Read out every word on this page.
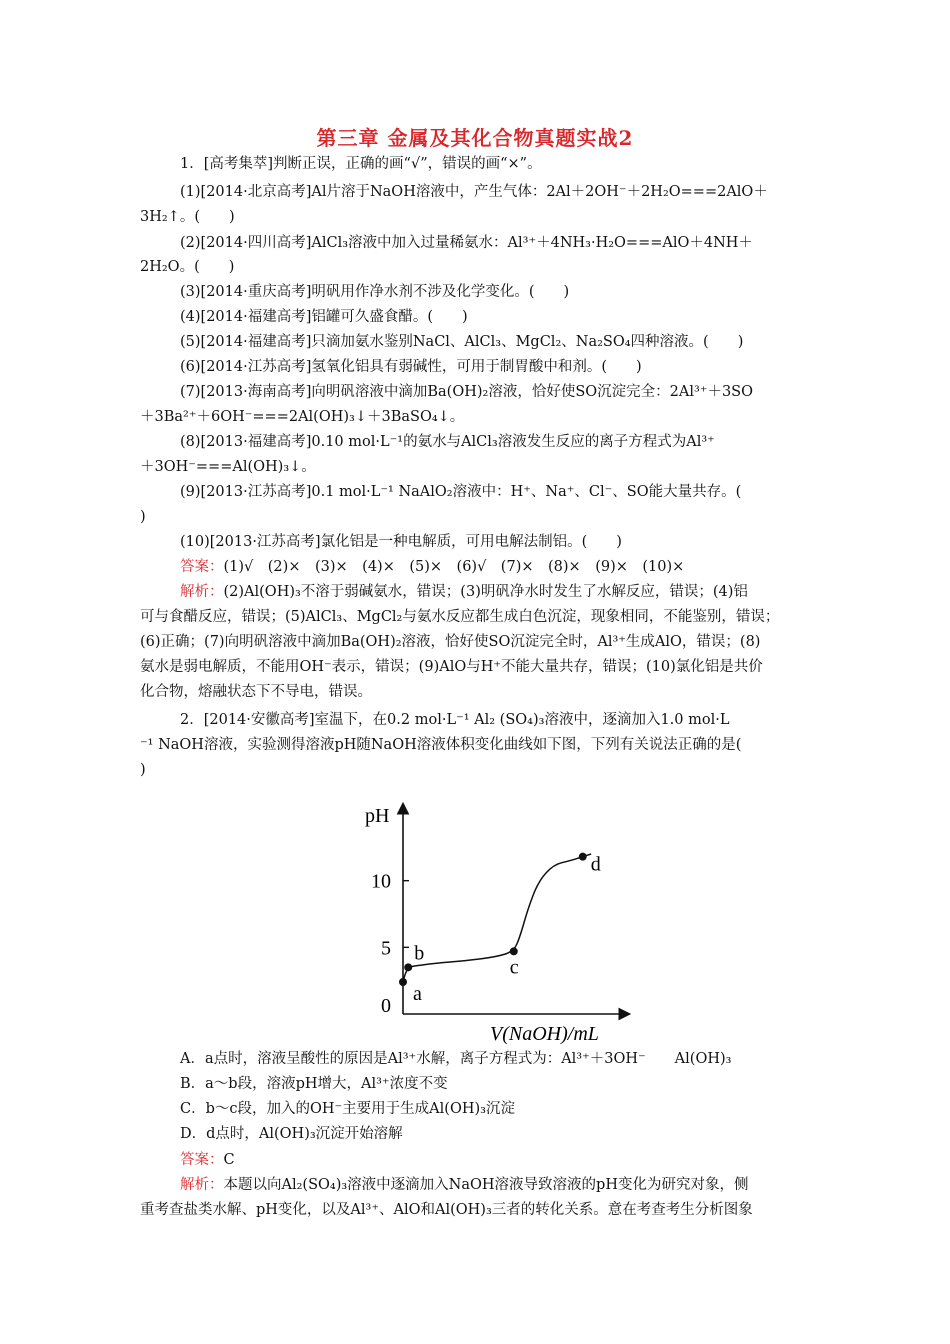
第三章 金属及其化合物真题实战2
1．[高考集萃]判断正误，正确的画“√”，错误的画“×”。
(1)[2014·北京高考]Al片溶于NaOH溶液中，产生气体：2Al＋2OH⁻＋2H₂O===2AlO＋
3H₂↑。(　　)
(2)[2014·四川高考]AlCl₃溶液中加入过量稀氨水：Al³⁺＋4NH₃·H₂O===AlO＋4NH＋
2H₂O。(　　)
(3)[2014·重庆高考]明矾用作净水剂不涉及化学变化。(　　)
(4)[2014·福建高考]铝罐可久盛食醋。(　　)
(5)[2014·福建高考]只滴加氨水鉴别NaCl、AlCl₃、MgCl₂、Na₂SO₄四种溶液。(　　)
(6)[2014·江苏高考]氢氧化铝具有弱碱性，可用于制胃酸中和剂。(　　)
(7)[2013·海南高考]向明矾溶液中滴加Ba(OH)₂溶液，恰好使SO沉淀完全：2Al³⁺＋3SO
＋3Ba²⁺＋6OH⁻===2Al(OH)₃↓＋3BaSO₄↓。
(8)[2013·福建高考]0.10 mol·L⁻¹的氨水与AlCl₃溶液发生反应的离子方程式为Al³⁺
＋3OH⁻===Al(OH)₃↓。
(9)[2013·江苏高考]0.1 mol·L⁻¹ NaAlO₂溶液中：H⁺、Na⁺、Cl⁻、SO能大量共存。(
)
(10)[2013·江苏高考]氯化铝是一种电解质，可用电解法制铝。(　　)
答案：(1)√　(2)×　(3)×　(4)×　(5)×　(6)√　(7)×　(8)×　(9)×　(10)×
解析：(2)Al(OH)₃不溶于弱碱氨水，错误；(3)明矾净水时发生了水解反应，错误；(4)铝
可与食醋反应，错误；(5)AlCl₃、MgCl₂与氨水反应都生成白色沉淀，现象相同，不能鉴别，错误；
(6)正确；(7)向明矾溶液中滴加Ba(OH)₂溶液，恰好使SO沉淀完全时，Al³⁺生成AlO，错误；(8)
氨水是弱电解质，不能用OH⁻表示，错误；(9)AlO与H⁺不能大量共存，错误；(10)氯化铝是共价
化合物，熔融状态下不导电，错误。
2．[2014·安徽高考]室温下，在0.2 mol·L⁻¹ Al₂ (SO₄)₃溶液中，逐滴加入1.0 mol·L
⁻¹ NaOH溶液，实验测得溶液pH随NaOH溶液体积变化曲线如下图，下列有关说法正确的是(
)
0
5
10
pH
V(NaOH)/mL
a
b
c
d
A．a点时，溶液呈酸性的原因是Al³⁺水解，离子方程式为：Al³⁺＋3OH⁻　　Al(OH)₃
B．a～b段，溶液pH增大，Al³⁺浓度不变
C．b～c段，加入的OH⁻主要用于生成Al(OH)₃沉淀
D．d点时，Al(OH)₃沉淀开始溶解
答案：C
解析：本题以向Al₂(SO₄)₃溶液中逐滴加入NaOH溶液导致溶液的pH变化为研究对象，侧
重考查盐类水解、pH变化，以及Al³⁺、AlO和Al(OH)₃三者的转化关系。意在考查考生分析图象
